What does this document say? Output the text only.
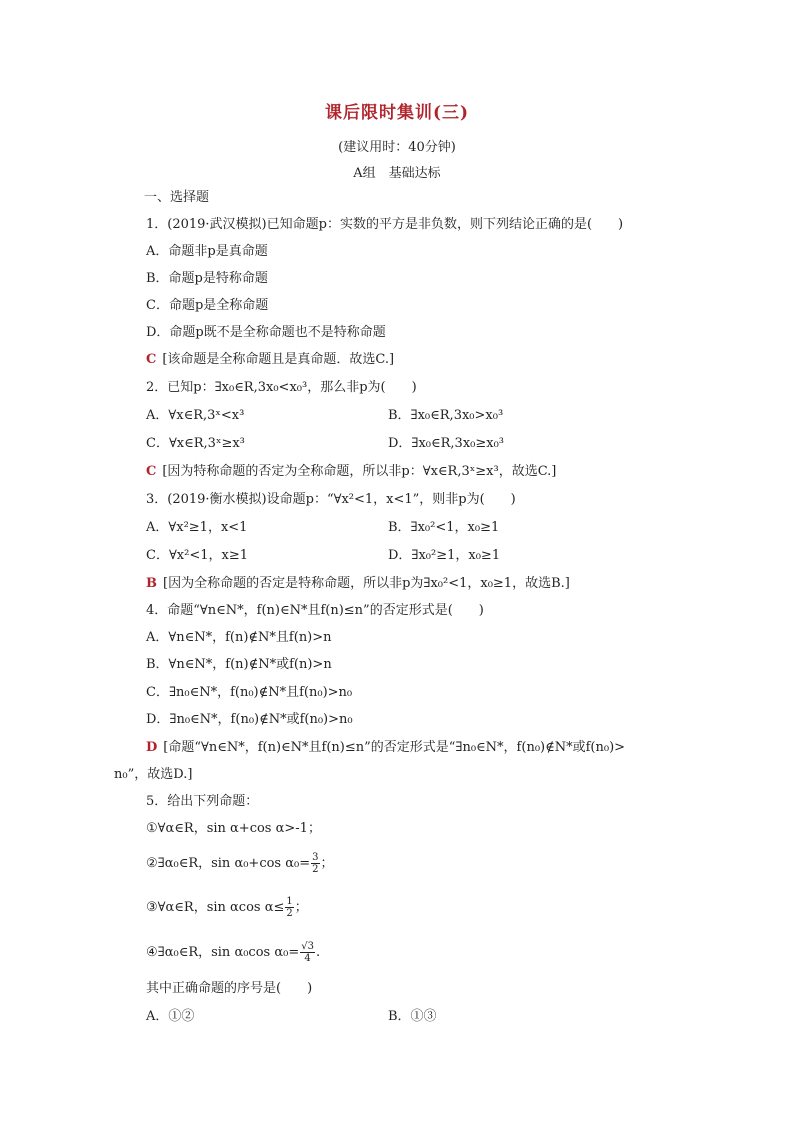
课后限时集训(三)
(建议用时：40分钟)
A组　基础达标
一、选择题
1．(2019·武汉模拟)已知命题p：实数的平方是非负数，则下列结论正确的是(　　)
A．命题非p是真命题
B．命题p是特称命题
C．命题p是全称命题
D．命题p既不是全称命题也不是特称命题
C [该命题是全称命题且是真命题．故选C.]
2．已知p：∃x₀∈R,3x₀<x₀³，那么非p为(　　)
A．∀x∈R,3ˣ<x³	B．∃x₀∈R,3x₀>x₀³
C．∀x∈R,3ˣ≥x³	D．∃x₀∈R,3x₀≥x₀³
C [因为特称命题的否定为全称命题，所以非p：∀x∈R,3ˣ≥x³，故选C.]
3．(2019·衡水模拟)设命题p：“∀x²<1，x<1”，则非p为(　　)
A．∀x²≥1，x<1	B．∃x₀²<1，x₀≥1
C．∀x²<1，x≥1	D．∃x₀²≥1，x₀≥1
B [因为全称命题的否定是特称命题，所以非p为∃x₀²<1，x₀≥1，故选B.]
4．命题“∀n∈N*，f(n)∈N*且f(n)≤n”的否定形式是(　　)
A．∀n∈N*，f(n)∉N*且f(n)>n
B．∀n∈N*，f(n)∉N*或f(n)>n
C．∃n₀∈N*，f(n₀)∉N*且f(n₀)>n₀
D．∃n₀∈N*，f(n₀)∉N*或f(n₀)>n₀
D [命题“∀n∈N*，f(n)∈N*且f(n)≤n”的否定形式是“∃n₀∈N*，f(n₀)∉N*或f(n₀)>
n₀”，故选D.]
5．给出下列命题：
①∀α∈R，sin α+cos α>-1；
②∃α₀∈R，sin α₀+cos $\alpha_0= \frac{3}{2}$ ；
③∀α∈R，sin αcos $\alpha\le \frac{1}{2}$ ；
④∃α₀∈R，sin α₀cos $\alpha_0= \frac{√3}{4}$ .
其中正确命题的序号是(　　)
A．①②	B．①③
